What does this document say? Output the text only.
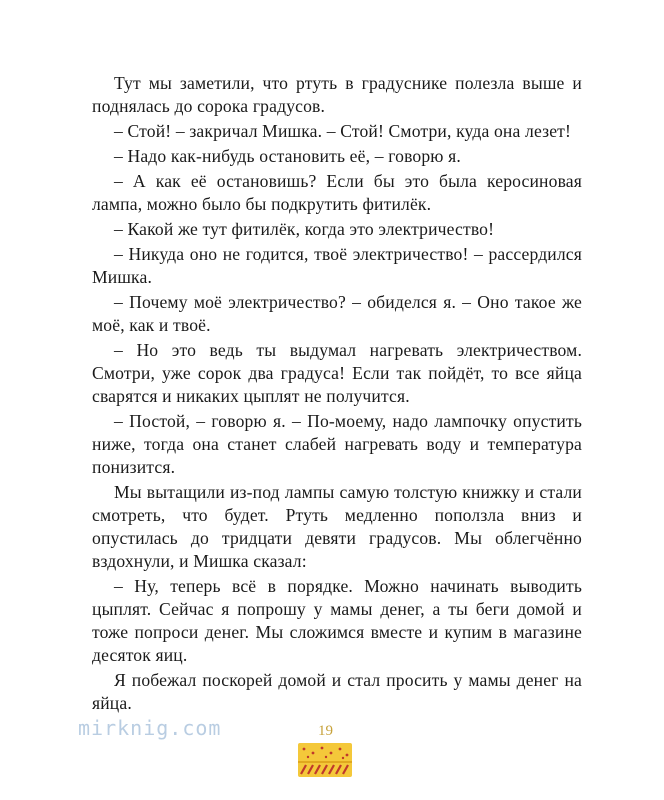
Тут мы заметили, что ртуть в градуснике полезла выше и поднялась до сорока градусов.

– Стой! – закричал Мишка. – Стой! Смотри, куда она лезет!

– Надо как-нибудь остановить её, – говорю я.

– А как её остановишь? Если бы это была керосиновая лампа, можно было бы подкрутить фитилёк.

– Какой же тут фитилёк, когда это электричество!

– Никуда оно не годится, твоё электричество! – рассердился Мишка.

– Почему моё электричество? – обиделся я. – Оно такое же моё, как и твоё.

– Но это ведь ты выдумал нагревать электричеством. Смотри, уже сорок два градуса! Если так пойдёт, то все яйца сварятся и никаких цыплят не получится.

– Постой, – говорю я. – По-моему, надо лампочку опустить ниже, тогда она станет слабей нагревать воду и температура понизится.

Мы вытащили из-под лампы самую толстую книжку и стали смотреть, что будет. Ртуть медленно поползла вниз и опустилась до тридцати девяти градусов. Мы облегчённо вздохнули, и Мишка сказал:

– Ну, теперь всё в порядке. Можно начинать выводить цыплят. Сейчас я попрошу у мамы денег, а ты беги домой и тоже попроси денег. Мы сложимся вместе и купим в магазине десяток яиц.

Я побежал поскорей домой и стал просить у мамы денег на яйца.

mirknig.com	19
